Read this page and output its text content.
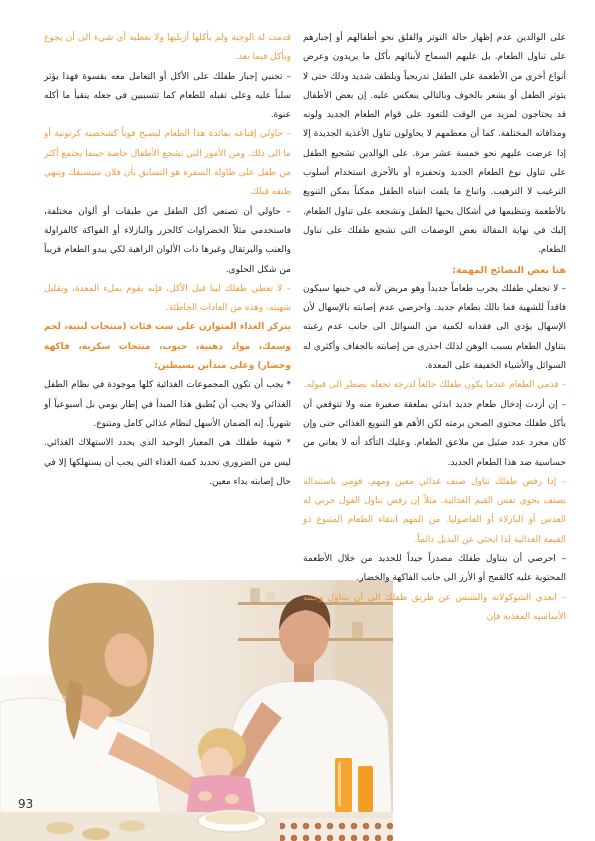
على الوالدين عدم إظهار حالة التوتر والقلق نحو أطفالهم أو إجبارهم على تناول الطعام. بل عليهم السماح لأبنائهم بأكل ما يريدون وعرض أنواع أخرى من الأطعمة على الطفل تدريجياً وبلطف شديد وذلك حتى لا يتوتر الطفل أو يشعر بالخوف وبالتالي ينعكس عليه. إن بعض الأطفال قد يحتاجون لمزيد من الوقت للتعود على قوام الطعام الجديد ولونه ومذاقاته المختلفة. كما أن معظمهم لا يحاولون تناول الأغذية الجديدة إلا إذا عرضت عليهم نحو خمسة عشر مرة. على الوالدين تشجيع الطفل على تناول نوع الطعام الجديد وتحفيزه أو بالأحرى استخدام أسلوب الترغيب لا الترهيب. واتباع ما يلفت انتباه الطفل ممكناً يمكن التنويع بالأطعمة وتنظيمها في أشكال يحبها الطفل وتشجعه على تناول الطعام. إليك في نهاية المقالة بعض الوصفات التي تشجع طفلك على تناول الطعام.

هنا بعض النصائح المهمة:

– لا تجعلي طفلك يجرب طعاماً جديداً وهو مريض لأنه في حينها سيكون فاقداً للشهية فما بالك بطعام جديد. واحرصي عدم إصابته بالإسهال لأن الإسهال يؤدي الى فقدانه لكمية من السوائل الى جانب عدم رغبته بتناول الطعام بسبب الوهن لذلك احذري من إصابته بالجفاف وأكثري له السوائل والأشياء الخفيفة على المعدة.

– قدمي الطعام عندما يكون طفلك جائعاً لدرجة تجعله يضطر الى قبوله.

– إن أردت إدخال طعام جديد ابدئي بملعقة صغيرة منه ولا تتوقعي أن يأكل طفلك محتوى الصحن برمته لكن الأهم هو التنويع الغذائي حتى وإن كان مجرد عدد ضئيل من ملاعق الطعام. وعليك التأكد أنه لا يعاني من حساسية ضد هذا الطعام الجديد.

– إذا رفض طفلك تناول صنف غذائي معين ومهم، قومي باستبداله بصنف يحوي نفس القيم الغذائية. مثلاً إن رفض تناول الفول جربي له العدس أو البازلاء أو الفاصوليا. من المهم انتقاء الطعام المتنوع ذو القيمة الغذائية لذا ابحثي عن البديل دائماً.

– احرصي أن يتناول طفلك مصدراً جيداً للحديد من خلال الأطعمة المحتوية عليه كالقمح أو الأرز الى جانب الفاكهة والخضار.

– ابعدي الشوكولاته والشبس عن طريق طفلك الى أن يتناول وجبته الأساسية المغذية فإن

قدمت له الوجبة ولم يأكلها أزيليها ولا تعطيه أي شيء الى أن يجوع ويأكل فيما بعد.

– تجنبي إجبار طفلك على الأكل أو التعامل معه بقسوة فهذا يؤثر سلباً عليه وعلى تقبله للطعام كما تتسببين في جعله يتقيأ ما أكله عنوة.

– حاولي إقناعه بفائدة هذا الطعام ليصبح قوياً كشخصية كرتونية أو ما الى ذلك. ومن الأمور التي تشجع الأطفال خاصة حينما يجتمع أكثر من طفل على طاولة السفرة هو التسابق بأن فلان سيسبقك وينهي طبقه قبلك.

– حاولي أن تصنعي أكل الطفل من طبقات أو ألوان مختلفة، فاستخدمي مثلاً الخضراوات كالجزر والبازلاء أو الفواكة كالفراولة والعنب والبرتقال وغيرها ذات الألوان الزاهية لكي يبدو الطعام قريباً من شكل الحلوى.

– لا تعطي طفلك لبنا قبل الأكل، فإنه يقوم بملء المعدة، وتقليل شهيته، وهذه من العادات الخاطئة.

يتركز الغذاء المتوازن على ست فئات (منتجات لبنية، لحم وسمك، مواد دهنية، حبوب، منتجات سكرية، فاكهة وخضار) وعلى مبدأين بسيطين:

* يجب أن تكون المجموعات الغذائية كلها موجودة في نظام الطفل الغذائي ولا يجب أن يُطبق هذا المبدأ في إطار يومي بل أسبوعياً أو شهرياً. إنه الضمان الأسهل لنظام غذائي كامل ومتنوع.

* شهية طفلك هي المعيار الوحيد الذي يحدد الاستهلاك الغذائي. ليس من الضروري تحديد كمية الغذاء التي يجب أن يستهلكها إلا في حال إصابته بداء معين.

93
